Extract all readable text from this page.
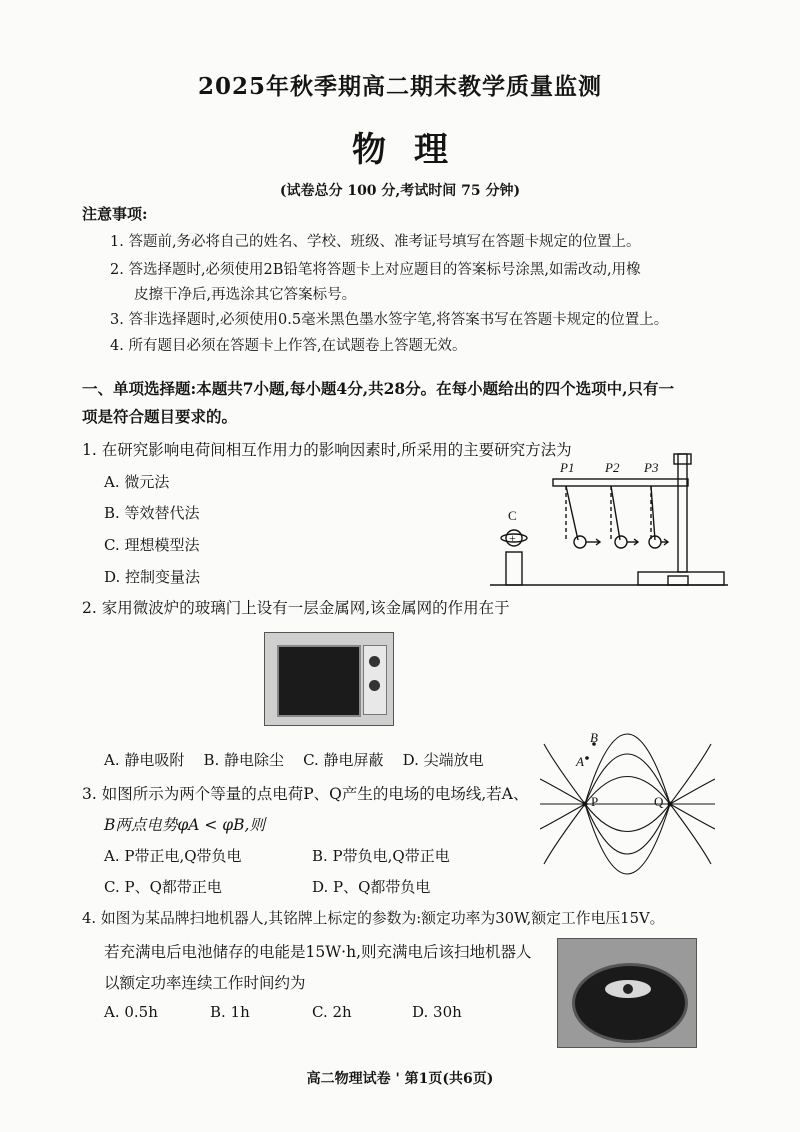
2025年秋季期高二期末教学质量监测
物理
(试卷总分 100 分,考试时间 75 分钟)
注意事项:
1. 答题前,务必将自己的姓名、学校、班级、准考证号填写在答题卡规定的位置上。
2. 答选择题时,必须使用2B铅笔将答题卡上对应题目的答案标号涂黑,如需改动,用橡
皮擦干净后,再选涂其它答案标号。
3. 答非选择题时,必须使用0.5毫米黑色墨水签字笔,将答案书写在答题卡规定的位置上。
4. 所有题目必须在答题卡上作答,在试题卷上答题无效。
一、单项选择题:本题共7小题,每小题4分,共28分。在每小题给出的四个选项中,只有一
项是符合题目要求的。
1. 在研究影响电荷间相互作用力的影响因素时,所采用的主要研究方法为
A. 微元法
B. 等效替代法
C. 理想模型法
D. 控制变量法
P1 P2 P3
C
+
2. 家用微波炉的玻璃门上设有一层金属网,该金属网的作用在于
A. 静电吸附    B. 静电除尘    C. 静电屏蔽    D. 尖端放电	A
B
P	Q
3. 如图所示为两个等量的点电荷P、Q产生的电场的电场线,若A、
B两点电势φA < φB,则
A. P带正电,Q带负电	B. P带负电,Q带正电
C. P、Q都带正电	D. P、Q都带负电
4. 如图为某品牌扫地机器人,其铭牌上标定的参数为:额定功率为30W,额定工作电压15V。
若充满电后电池储存的电能是15W·h,则充满电后该扫地机器人
以额定功率连续工作时间约为
A. 0.5h	B. 1h	C. 2h	D. 30h
高二物理试卷 ' 第1页(共6页)
